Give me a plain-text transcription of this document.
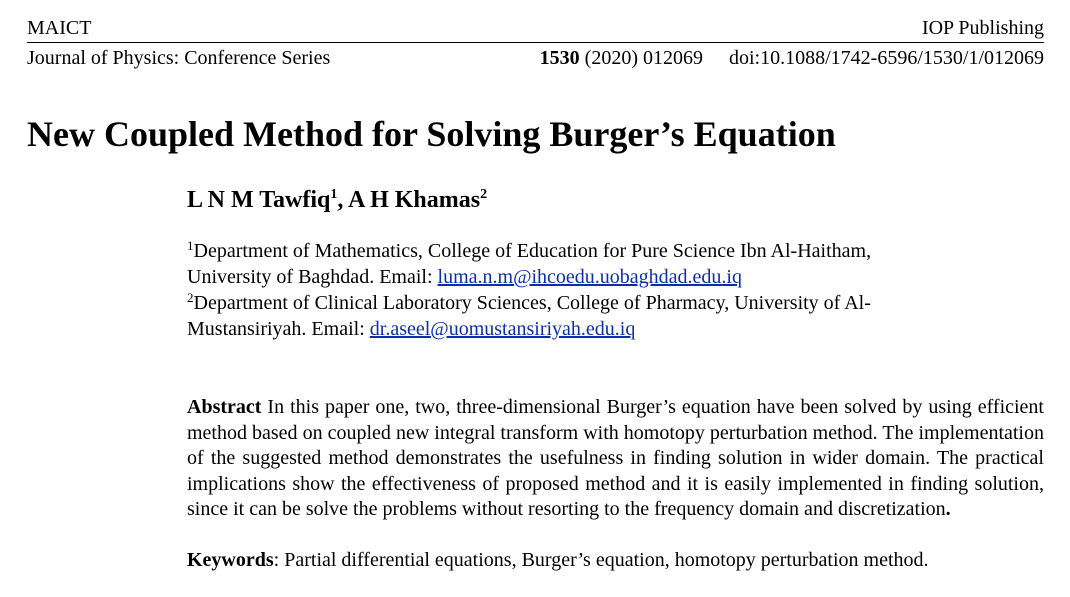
MAICT	IOP Publishing
Journal of Physics: Conference Series	1530 (2020) 012069 doi:10.1088/1742-6596/1530/1/012069
New Coupled Method for Solving Burger’s Equation
L N M Tawfiq$^1$, A H Khamas$^2$
$^1$Department of Mathematics, College of Education for Pure Science Ibn Al-Haitham,
University of Baghdad. Email: luma.n.m@ihcoedu.uobaghdad.edu.iq
$^2$Department of Clinical Laboratory Sciences, College of Pharmacy, University of Al-
Mustansiriyah. Email: dr.aseel@uomustansiriyah.edu.iq
Abstract In this paper one, two, three-dimensional Burger’s equation have been solved by using efficient method based on coupled new integral transform with homotopy perturbation method. The implementation of the suggested method demonstrates the usefulness in finding solution in wider domain. The practical implications show the effectiveness of proposed method and it is easily implemented in finding solution, since it can be solve the problems without resorting to the frequency domain and discretization.
Keywords: Partial differential equations, Burger’s equation, homotopy perturbation method.
